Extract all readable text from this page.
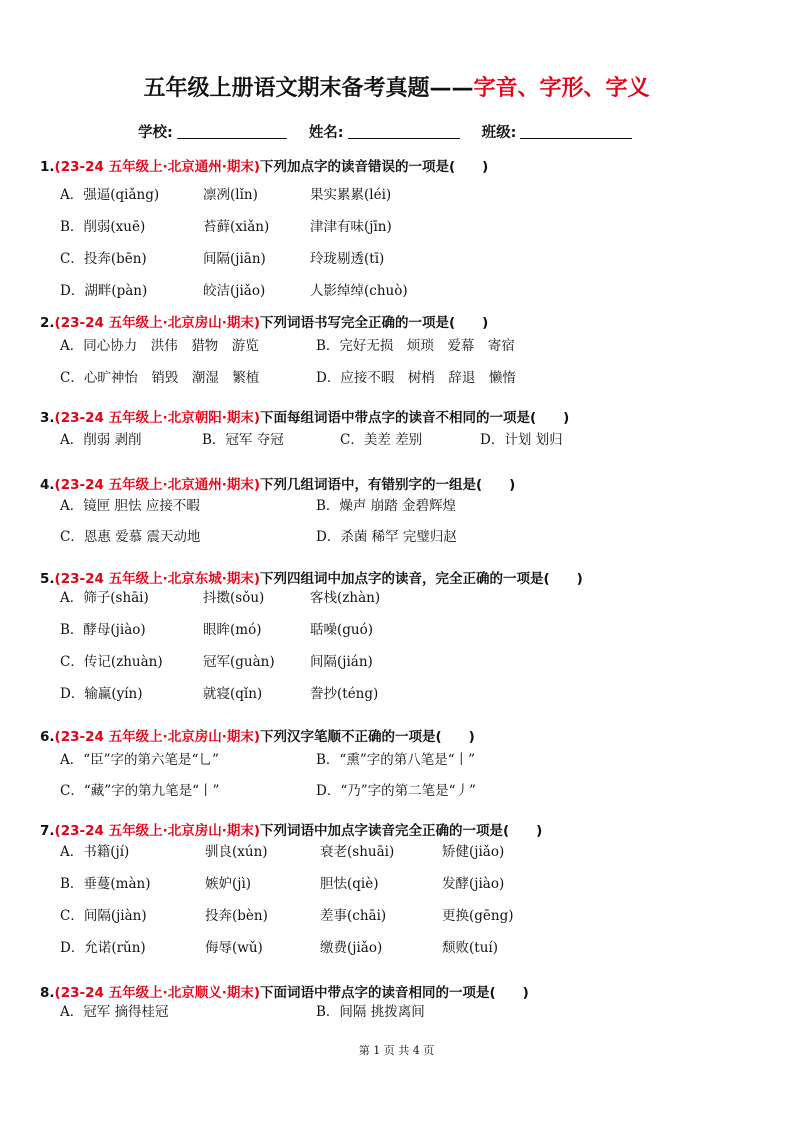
五年级上册语文期末备考真题——字音、字形、字义
学校:	姓名:	班级:
1.(23-24 五年级上·北京通州·期末)下列加点字的读音错误的一项是(　　)
A．强逼(qiǎng)	凛冽(lǐn)	果实累累(léi)
B．削弱(xuē)	苔藓(xiǎn)	津津有味(jīn)
C．投奔(bēn)	间隔(jiān)	玲珑剔透(tī)
D．湖畔(pàn)	皎洁(jiǎo)	人影绰绰(chuò)
2.(23-24 五年级上·北京房山·期末)下列词语书写完全正确的一项是(　　)
A．同心协力　洪伟　猎物　游览	B．完好无损　烦琐　爱幕　寄宿
C．心旷神怡　销毁　潮湿　繁植	D．应接不暇　树梢　辞退　懒惰
3.(23-24 五年级上·北京朝阳·期末)下面每组词语中带点字的读音不相同的一项是(　　)
A．削弱 剥削	B．冠军 夺冠	C．美差 差别	D．计划 划归
4.(23-24 五年级上·北京通州·期末)下列几组词语中，有错别字的一组是(　　)
A．镜匣 胆怯 应接不暇	B．燥声 崩踏 金碧辉煌
C．恩惠 爱慕 震天动地	D．杀菌 稀罕 完璧归赵
5.(23-24 五年级上·北京东城·期末)下列四组词中加点字的读音，完全正确的一项是(　　)
A．筛子(shāi)	抖擞(sǒu)	客栈(zhàn)
B．酵母(jiào)	眼眸(mó)	聒噪(guó)
C．传记(zhuàn)	冠军(guàn)	间隔(jián)
D．输赢(yín)	就寝(qǐn)	誊抄(téng)
6.(23-24 五年级上·北京房山·期末)下列汉字笔顺不正确的一项是(　　)
A．“臣”字的第六笔是“乚”	B．“熏”字的第八笔是“丨”
C．“藏”字的第九笔是“丨”	D．“乃”字的第二笔是“丿”
7.(23-24 五年级上·北京房山·期末)下列词语中加点字读音完全正确的一项是(　　)
A．书籍(jí)	驯良(xún)	衰老(shuāi)	矫健(jiǎo)
B．垂蔓(màn)	嫉妒(jì)	胆怯(qiè)	发酵(jiào)
C．间隔(jiàn)	投奔(bèn)	差事(chāi)	更换(gēng)
D．允诺(rǔn)	侮辱(wǔ)	缴费(jiǎo)	颓败(tuí)
8.(23-24 五年级上·北京顺义·期末)下面词语中带点字的读音相同的一项是(　　)
A．冠军 摘得桂冠	B．间隔 挑拨离间
第 1 页 共 4 页
